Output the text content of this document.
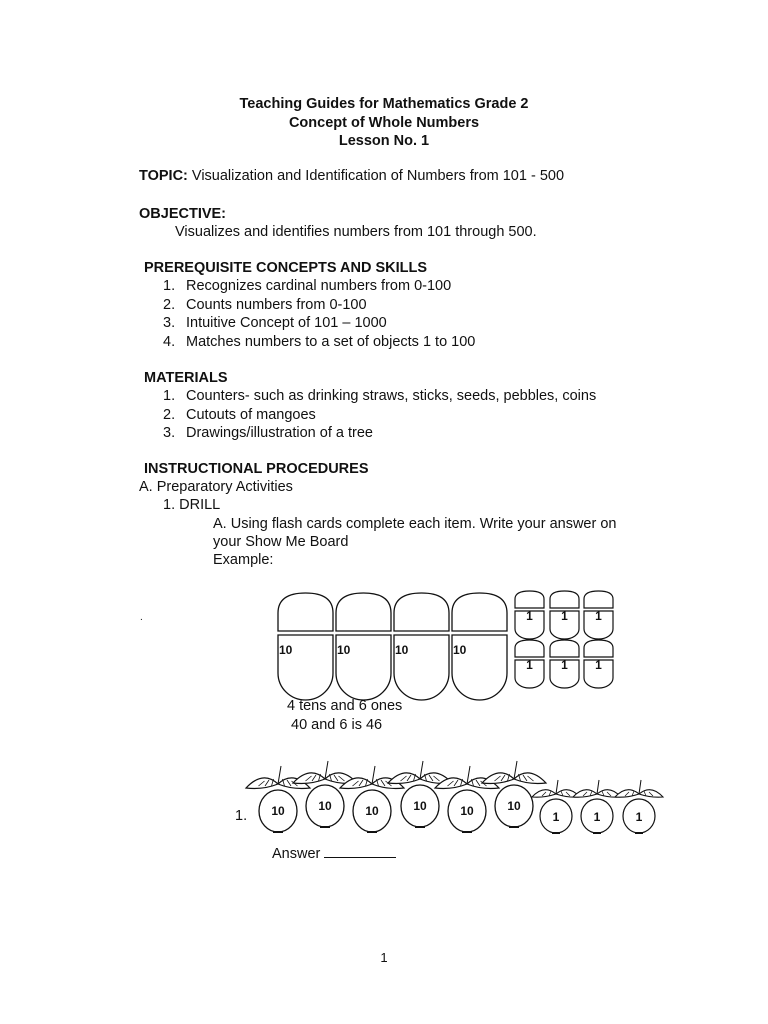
Teaching Guides for Mathematics Grade 2
Concept of Whole Numbers
Lesson No. 1
TOPIC: Visualization and Identification of Numbers from 101 - 500
OBJECTIVE:
Visualizes and identifies numbers from 101 through 500.
PREREQUISITE CONCEPTS AND SKILLS
1. Recognizes cardinal numbers from 0-100
2. Counts numbers from 0-100
3. Intuitive Concept of 101 – 1000
4. Matches numbers to a set of objects 1 to 100
MATERIALS
1. Counters- such as drinking straws, sticks, seeds, pebbles, coins
2. Cutouts of mangoes
3. Drawings/illustration of a tree
INSTRUCTIONAL PROCEDURES
A. Preparatory Activities
1. DRILL
A. Using flash cards complete each item. Write your answer on
your Show Me Board
Example:
.
10	10	10	10
1 1 1
1 1 1
10	10	10	10	10	10
1	1	1
4 tens and 6 ones
40 and 6 is 46
1.
Answer
1
